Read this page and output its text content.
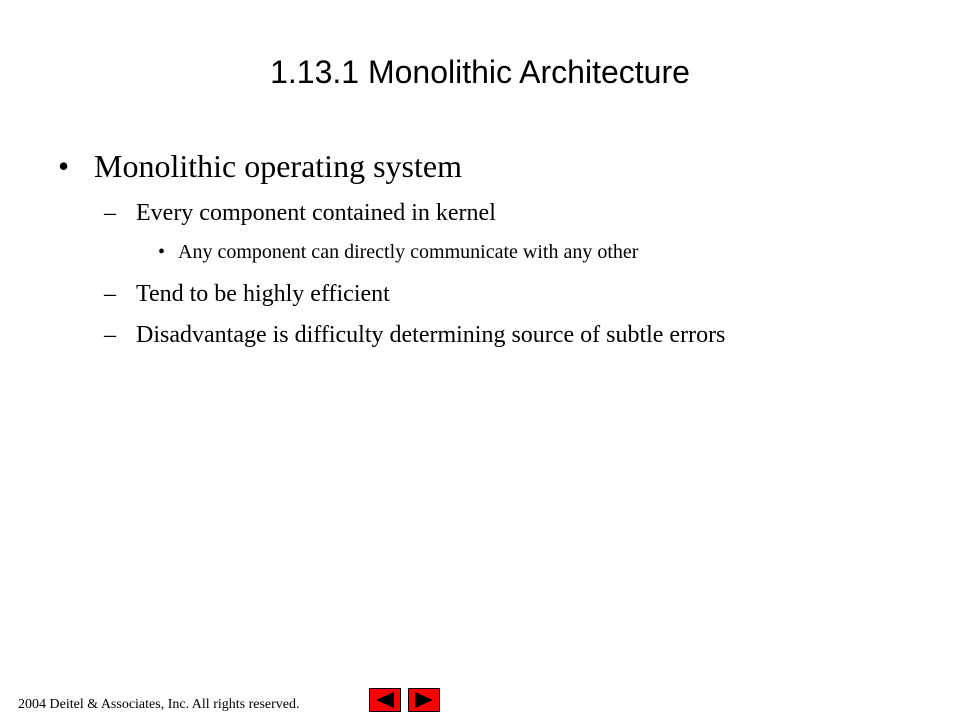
1.13.1 Monolithic Architecture
• Monolithic operating system
– Every component contained in kernel
• Any component can directly communicate with any other
– Tend to be highly efficient
– Disadvantage is difficulty determining source of subtle errors
2004 Deitel & Associates, Inc. All rights reserved.
